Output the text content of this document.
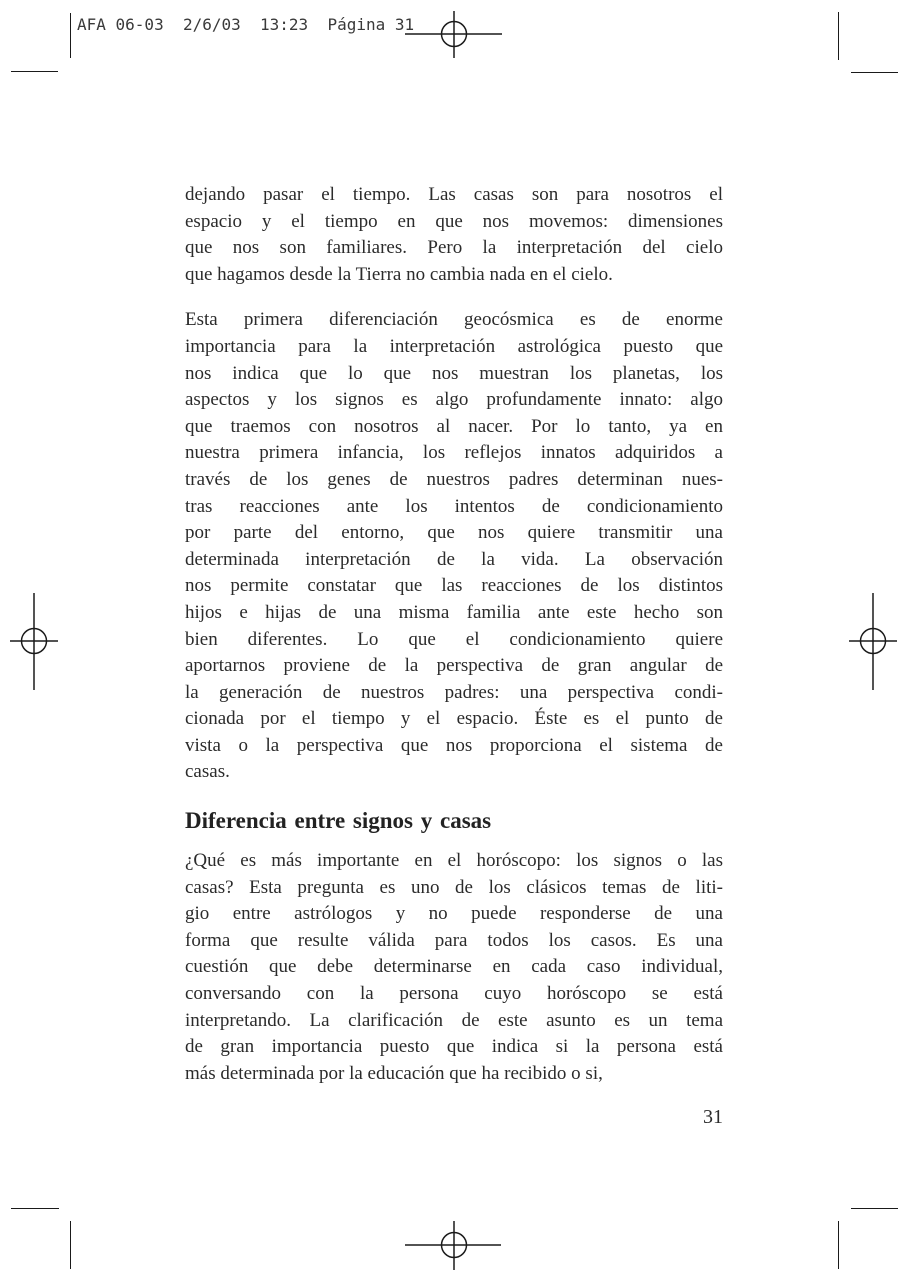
AFA 06-03  2/6/03  13:23  Página 31
dejando pasar el tiempo. Las casas son para nosotros el
espacio y el tiempo en que nos movemos: dimensiones
que nos son familiares. Pero la interpretación del cielo
que hagamos desde la Tierra no cambia nada en el cielo.
Esta primera diferenciación geocósmica es de enorme
importancia para la interpretación astrológica puesto que
nos indica que lo que nos muestran los planetas, los
aspectos y los signos es algo profundamente innato: algo
que traemos con nosotros al nacer. Por lo tanto, ya en
nuestra primera infancia, los reflejos innatos adquiridos a
través de los genes de nuestros padres determinan nues-
tras reacciones ante los intentos de condicionamiento
por parte del entorno, que nos quiere transmitir una
determinada interpretación de la vida. La observación
nos permite constatar que las reacciones de los distintos
hijos e hijas de una misma familia ante este hecho son
bien diferentes. Lo que el condicionamiento quiere
aportarnos proviene de la perspectiva de gran angular de
la generación de nuestros padres: una perspectiva condi-
cionada por el tiempo y el espacio. Éste es el punto de
vista o la perspectiva que nos proporciona el sistema de
casas.
Diferencia entre signos y casas
¿Qué es más importante en el horóscopo: los signos o las
casas? Esta pregunta es uno de los clásicos temas de liti-
gio entre astrólogos y no puede responderse de una
forma que resulte válida para todos los casos. Es una
cuestión que debe determinarse en cada caso individual,
conversando con la persona cuyo horóscopo se está
interpretando. La clarificación de este asunto es un tema
de gran importancia puesto que indica si la persona está
más determinada por la educación que ha recibido o si,
31
